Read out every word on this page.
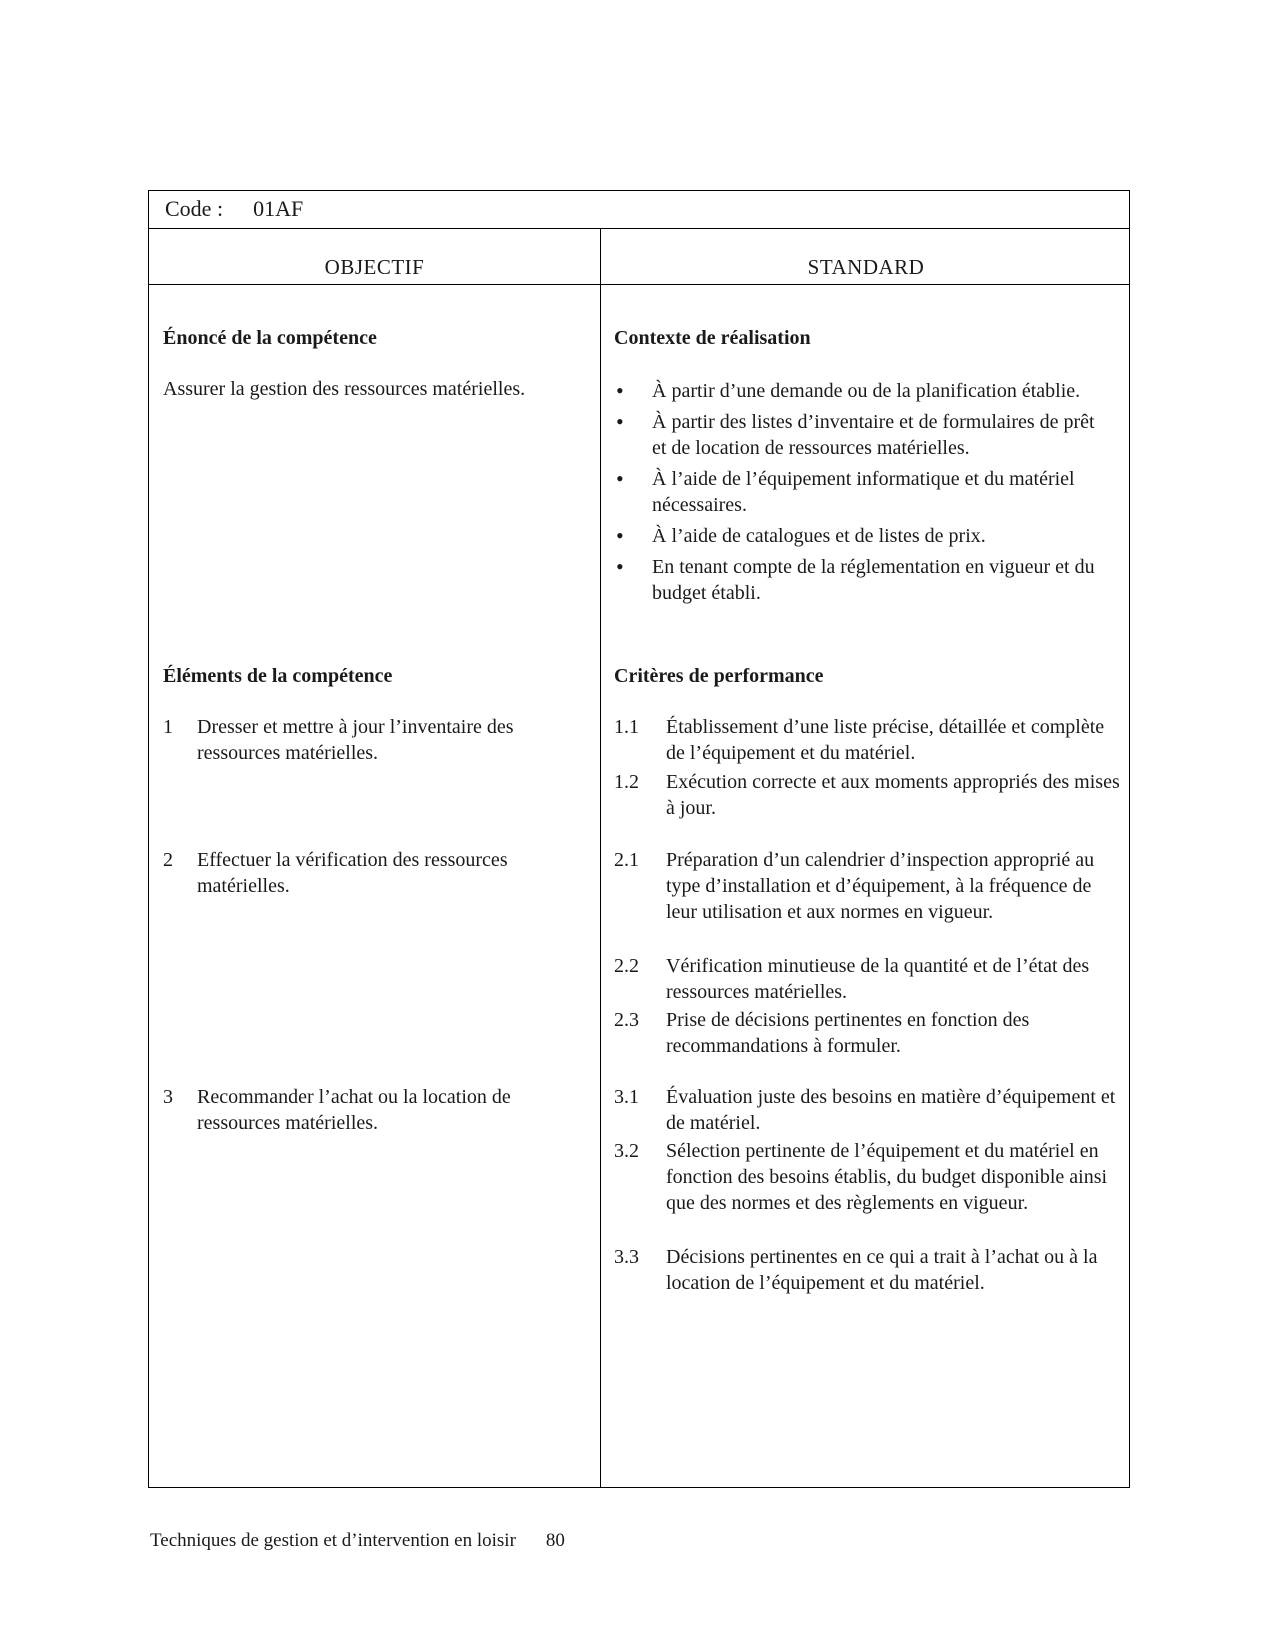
Code : 01AF
OBJECTIF	STANDARD
Énoncé de la compétence
Assurer la gestion des ressources matérielles.
Éléments de la compétence
1 Dresser et mettre à jour l’inventaire des ressources matérielles.
2 Effectuer la vérification des ressources matérielles.
3 Recommander l’achat ou la location de ressources matérielles.
Contexte de réalisation
• À partir d’une demande ou de la planification établie.
• À partir des listes d’inventaire et de formulaires de prêt et de location de ressources matérielles.
• À l’aide de l’équipement informatique et du matériel nécessaires.
• À l’aide de catalogues et de listes de prix.
• En tenant compte de la réglementation en vigueur et du budget établi.
Critères de performance
1.1 Établissement d’une liste précise, détaillée et complète de l’équipement et du matériel.
1.2 Exécution correcte et aux moments appropriés des mises à jour.
2.1 Préparation d’un calendrier d’inspection approprié au type d’installation et d’équipement, à la fréquence de leur utilisation et aux normes en vigueur.
2.2 Vérification minutieuse de la quantité et de l’état des ressources matérielles.
2.3 Prise de décisions pertinentes en fonction des recommandations à formuler.
3.1 Évaluation juste des besoins en matière d’équipement et de matériel.
3.2 Sélection pertinente de l’équipement et du matériel en fonction des besoins établis, du budget disponible ainsi que des normes et des règlements en vigueur.
3.3 Décisions pertinentes en ce qui a trait à l’achat ou à la location de l’équipement et du matériel.
Techniques de gestion et d’intervention en loisir 80
